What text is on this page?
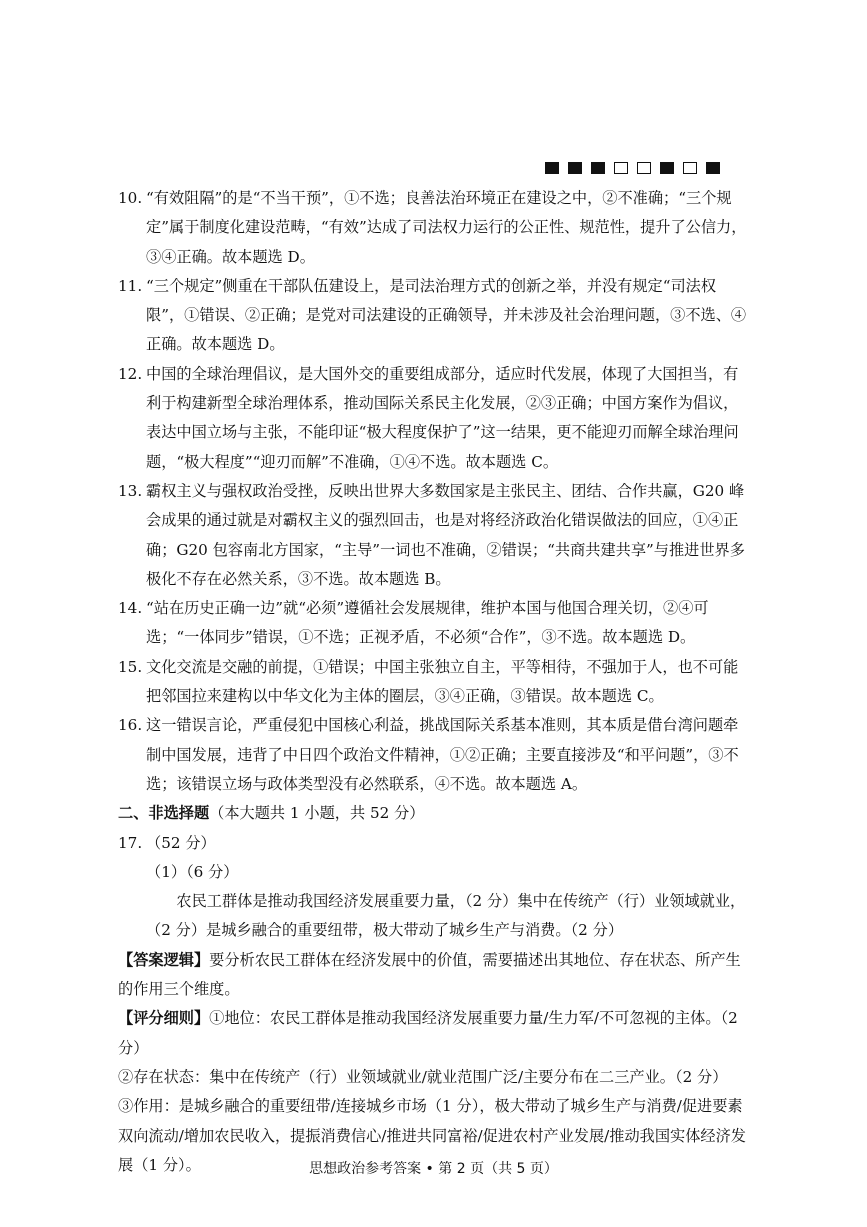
10. “有效阻隔”的是“不当干预”，①不选；良善法治环境正在建设之中，②不准确；“三个规定”属于制度化建设范畴，“有效”达成了司法权力运行的公正性、规范性，提升了公信力，③④正确。故本题选 D。
11. “三个规定”侧重在干部队伍建设上，是司法治理方式的创新之举，并没有规定“司法权限”，①错误、②正确；是党对司法建设的正确领导，并未涉及社会治理问题，③不选、④正确。故本题选 D。
12. 中国的全球治理倡议，是大国外交的重要组成部分，适应时代发展，体现了大国担当，有利于构建新型全球治理体系，推动国际关系民主化发展，②③正确；中国方案作为倡议，表达中国立场与主张，不能印证“极大程度保护了”这一结果，更不能迎刃而解全球治理问题，“极大程度”“迎刃而解”不准确，①④不选。故本题选 C。
13. 霸权主义与强权政治受挫，反映出世界大多数国家是主张民主、团结、合作共赢，G20 峰会成果的通过就是对霸权主义的强烈回击，也是对将经济政治化错误做法的回应，①④正确；G20 包容南北方国家，“主导”一词也不准确，②错误；“共商共建共享”与推进世界多极化不存在必然关系，③不选。故本题选 B。
14. “站在历史正确一边”就“必须”遵循社会发展规律，维护本国与他国合理关切，②④可选；“一体同步”错误，①不选；正视矛盾，不必须“合作”，③不选。故本题选 D。
15. 文化交流是交融的前提，①错误；中国主张独立自主，平等相待，不强加于人，也不可能把邻国拉来建构以中华文化为主体的圈层，③④正确，③错误。故本题选 C。
16. 这一错误言论，严重侵犯中国核心利益，挑战国际关系基本准则，其本质是借台湾问题牵制中国发展，违背了中日四个政治文件精神，①②正确；主要直接涉及“和平问题”，③不选；该错误立场与政体类型没有必然联系，④不选。故本题选 A。
二、非选择题（本大题共 1 小题，共 52 分）
17. （52 分）
（1）（6 分）
农民工群体是推动我国经济发展重要力量，（2 分）集中在传统产（行）业领域就业，（2 分）是城乡融合的重要纽带，极大带动了城乡生产与消费。（2 分）
【答案逻辑】要分析农民工群体在经济发展中的价值，需要描述出其地位、存在状态、所产生的作用三个维度。
【评分细则】①地位：农民工群体是推动我国经济发展重要力量/生力军/不可忽视的主体。（2 分）
②存在状态：集中在传统产（行）业领域就业/就业范围广泛/主要分布在二三产业。（2 分）
③作用：是城乡融合的重要纽带/连接城乡市场（1 分），极大带动了城乡生产与消费/促进要素双向流动/增加农民收入，提振消费信心/推进共同富裕/促进农村产业发展/推动我国实体经济发展（1 分）。	思想政治参考答案 • 第 2 页（共 5 页）
